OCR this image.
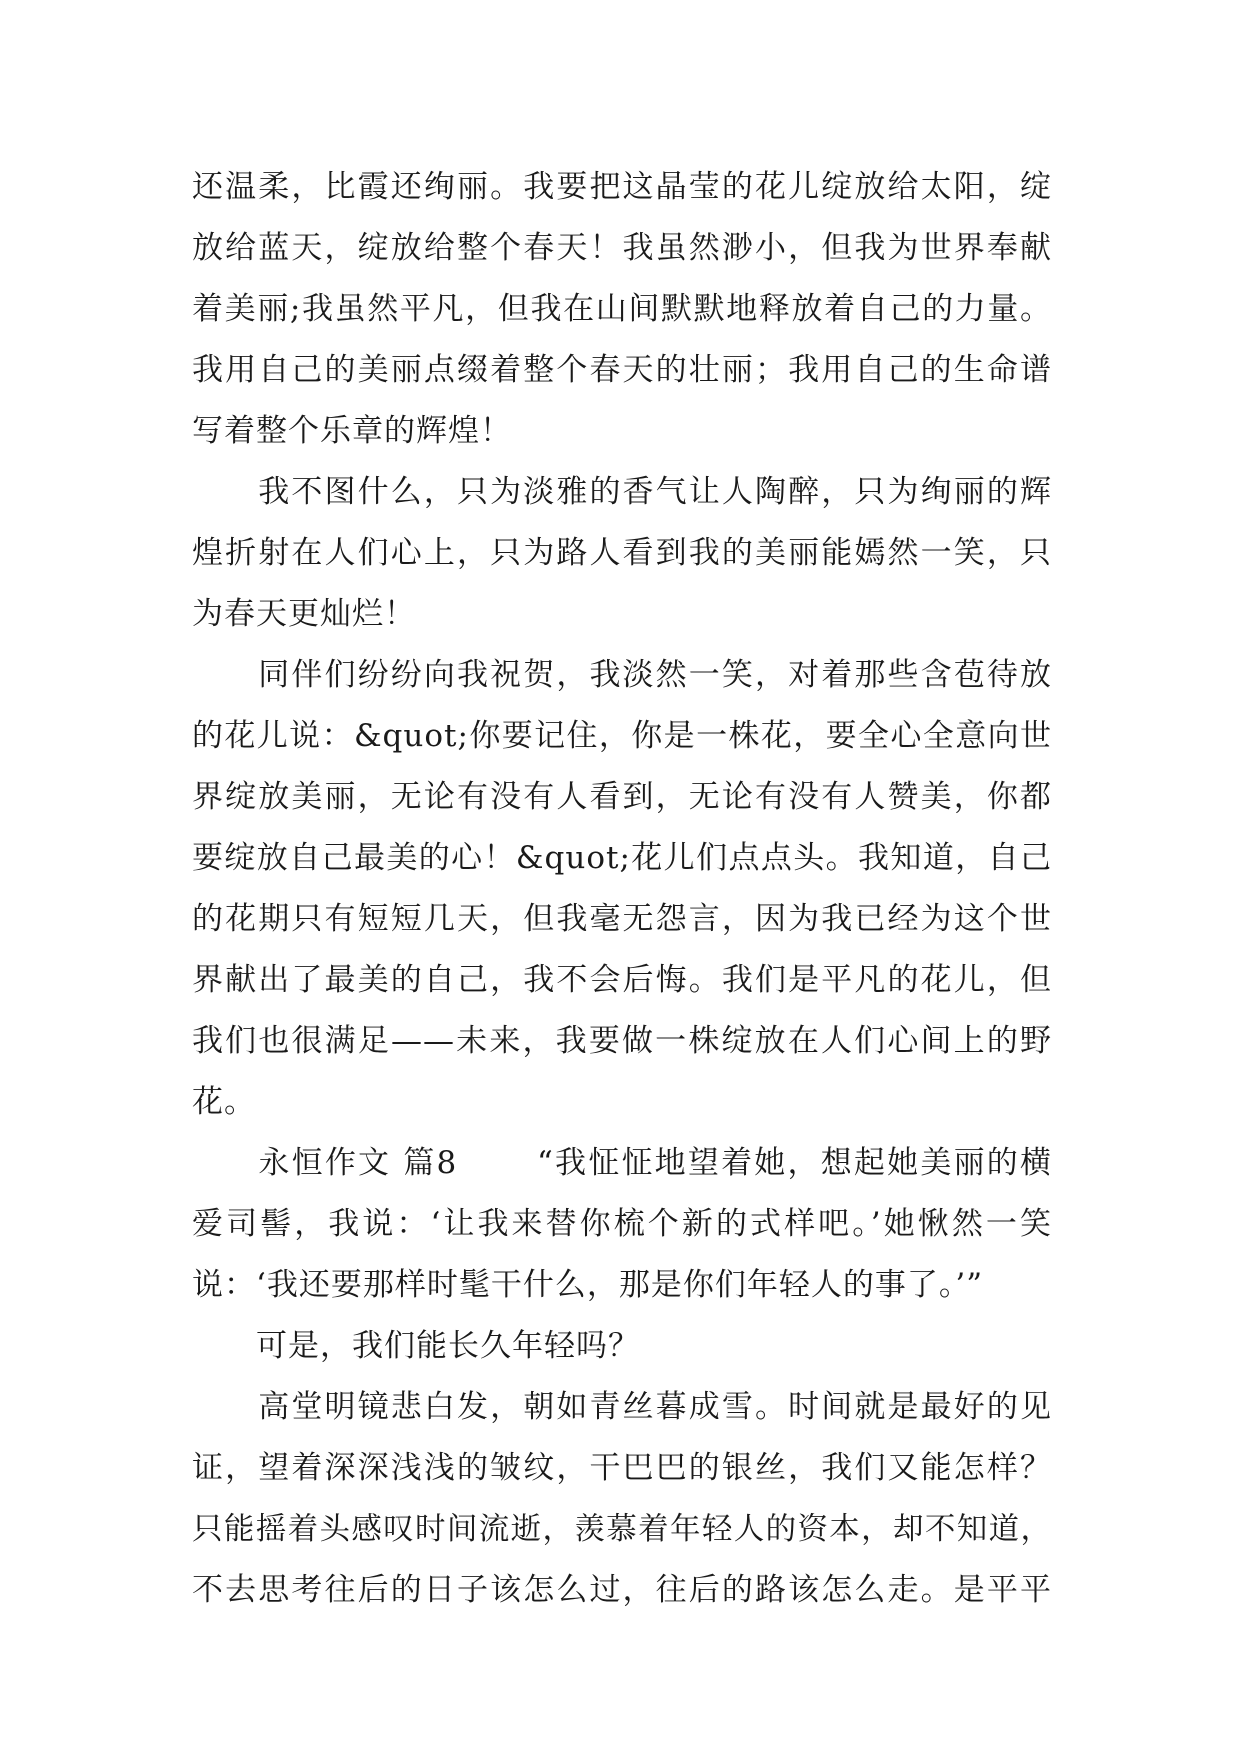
还温柔，比霞还绚丽。我要把这晶莹的花儿绽放给太阳，绽
放给蓝天，绽放给整个春天！我虽然渺小，但我为世界奉献
着美丽;我虽然平凡，但我在山间默默地释放着自己的力量。
我用自己的美丽点缀着整个春天的壮丽；我用自己的生命谱
写着整个乐章的辉煌！
　　我不图什么，只为淡雅的香气让人陶醉，只为绚丽的辉
煌折射在人们心上，只为路人看到我的美丽能嫣然一笑，只
为春天更灿烂！
　　同伴们纷纷向我祝贺，我淡然一笑，对着那些含苞待放
的花儿说：&quot;你要记住，你是一株花，要全心全意向世
界绽放美丽，无论有没有人看到，无论有没有人赞美，你都
要绽放自己最美的心！&quot;花儿们点点头。我知道，自己
的花期只有短短几天，但我毫无怨言，因为我已经为这个世
界献出了最美的自己，我不会后悔。我们是平凡的花儿，但
我们也很满足——未来，我要做一株绽放在人们心间上的野
花。
　　永恒作文 篇8　　 “我怔怔地望着她，想起她美丽的横
爱司髻，我说：‘让我来替你梳个新的式样吧。’她愀然一笑
说：‘我还要那样时髦干什么，那是你们年轻人的事了。’”
　　可是，我们能长久年轻吗？
　　高堂明镜悲白发，朝如青丝暮成雪。时间就是最好的见
证，望着深深浅浅的皱纹，干巴巴的银丝，我们又能怎样？
只能摇着头感叹时间流逝，羡慕着年轻人的资本，却不知道，
不去思考往后的日子该怎么过，往后的路该怎么走。是平平
